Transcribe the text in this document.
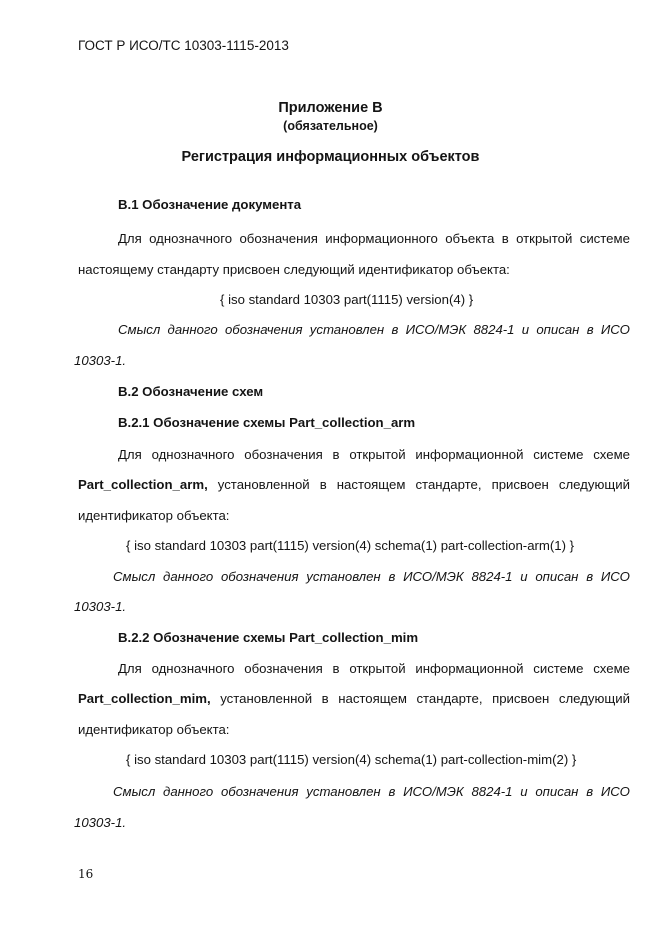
ГОСТ Р ИСО/ТС 10303-1115-2013
Приложение В
(обязательное)
Регистрация информационных объектов
В.1 Обозначение документа
Для однозначного обозначения информационного объекта в открытой системе
настоящему стандарту присвоен следующий идентификатор объекта:
{ iso standard 10303 part(1115) version(4) }
Смысл данного обозначения установлен в ИСО/МЭК 8824-1 и описан в ИСО
10303-1.
В.2 Обозначение схем
В.2.1 Обозначение схемы Part_collection_arm
Для однозначного обозначения в открытой информационной системе схеме
Part_collection_arm, установленной в настоящем стандарте, присвоен следующий
идентификатор объекта:
{ iso standard 10303 part(1115) version(4) schema(1) part-collection-arm(1) }
Смысл данного обозначения установлен в ИСО/МЭК 8824-1 и описан в ИСО
10303-1.
В.2.2 Обозначение схемы Part_collection_mim
Для однозначного обозначения в открытой информационной системе схеме
Part_collection_mim, установленной в настоящем стандарте, присвоен следующий
идентификатор объекта:
{ iso standard 10303 part(1115) version(4) schema(1) part-collection-mim(2) }
Смысл данного обозначения установлен в ИСО/МЭК 8824-1 и описан в ИСО
10303-1.
16
